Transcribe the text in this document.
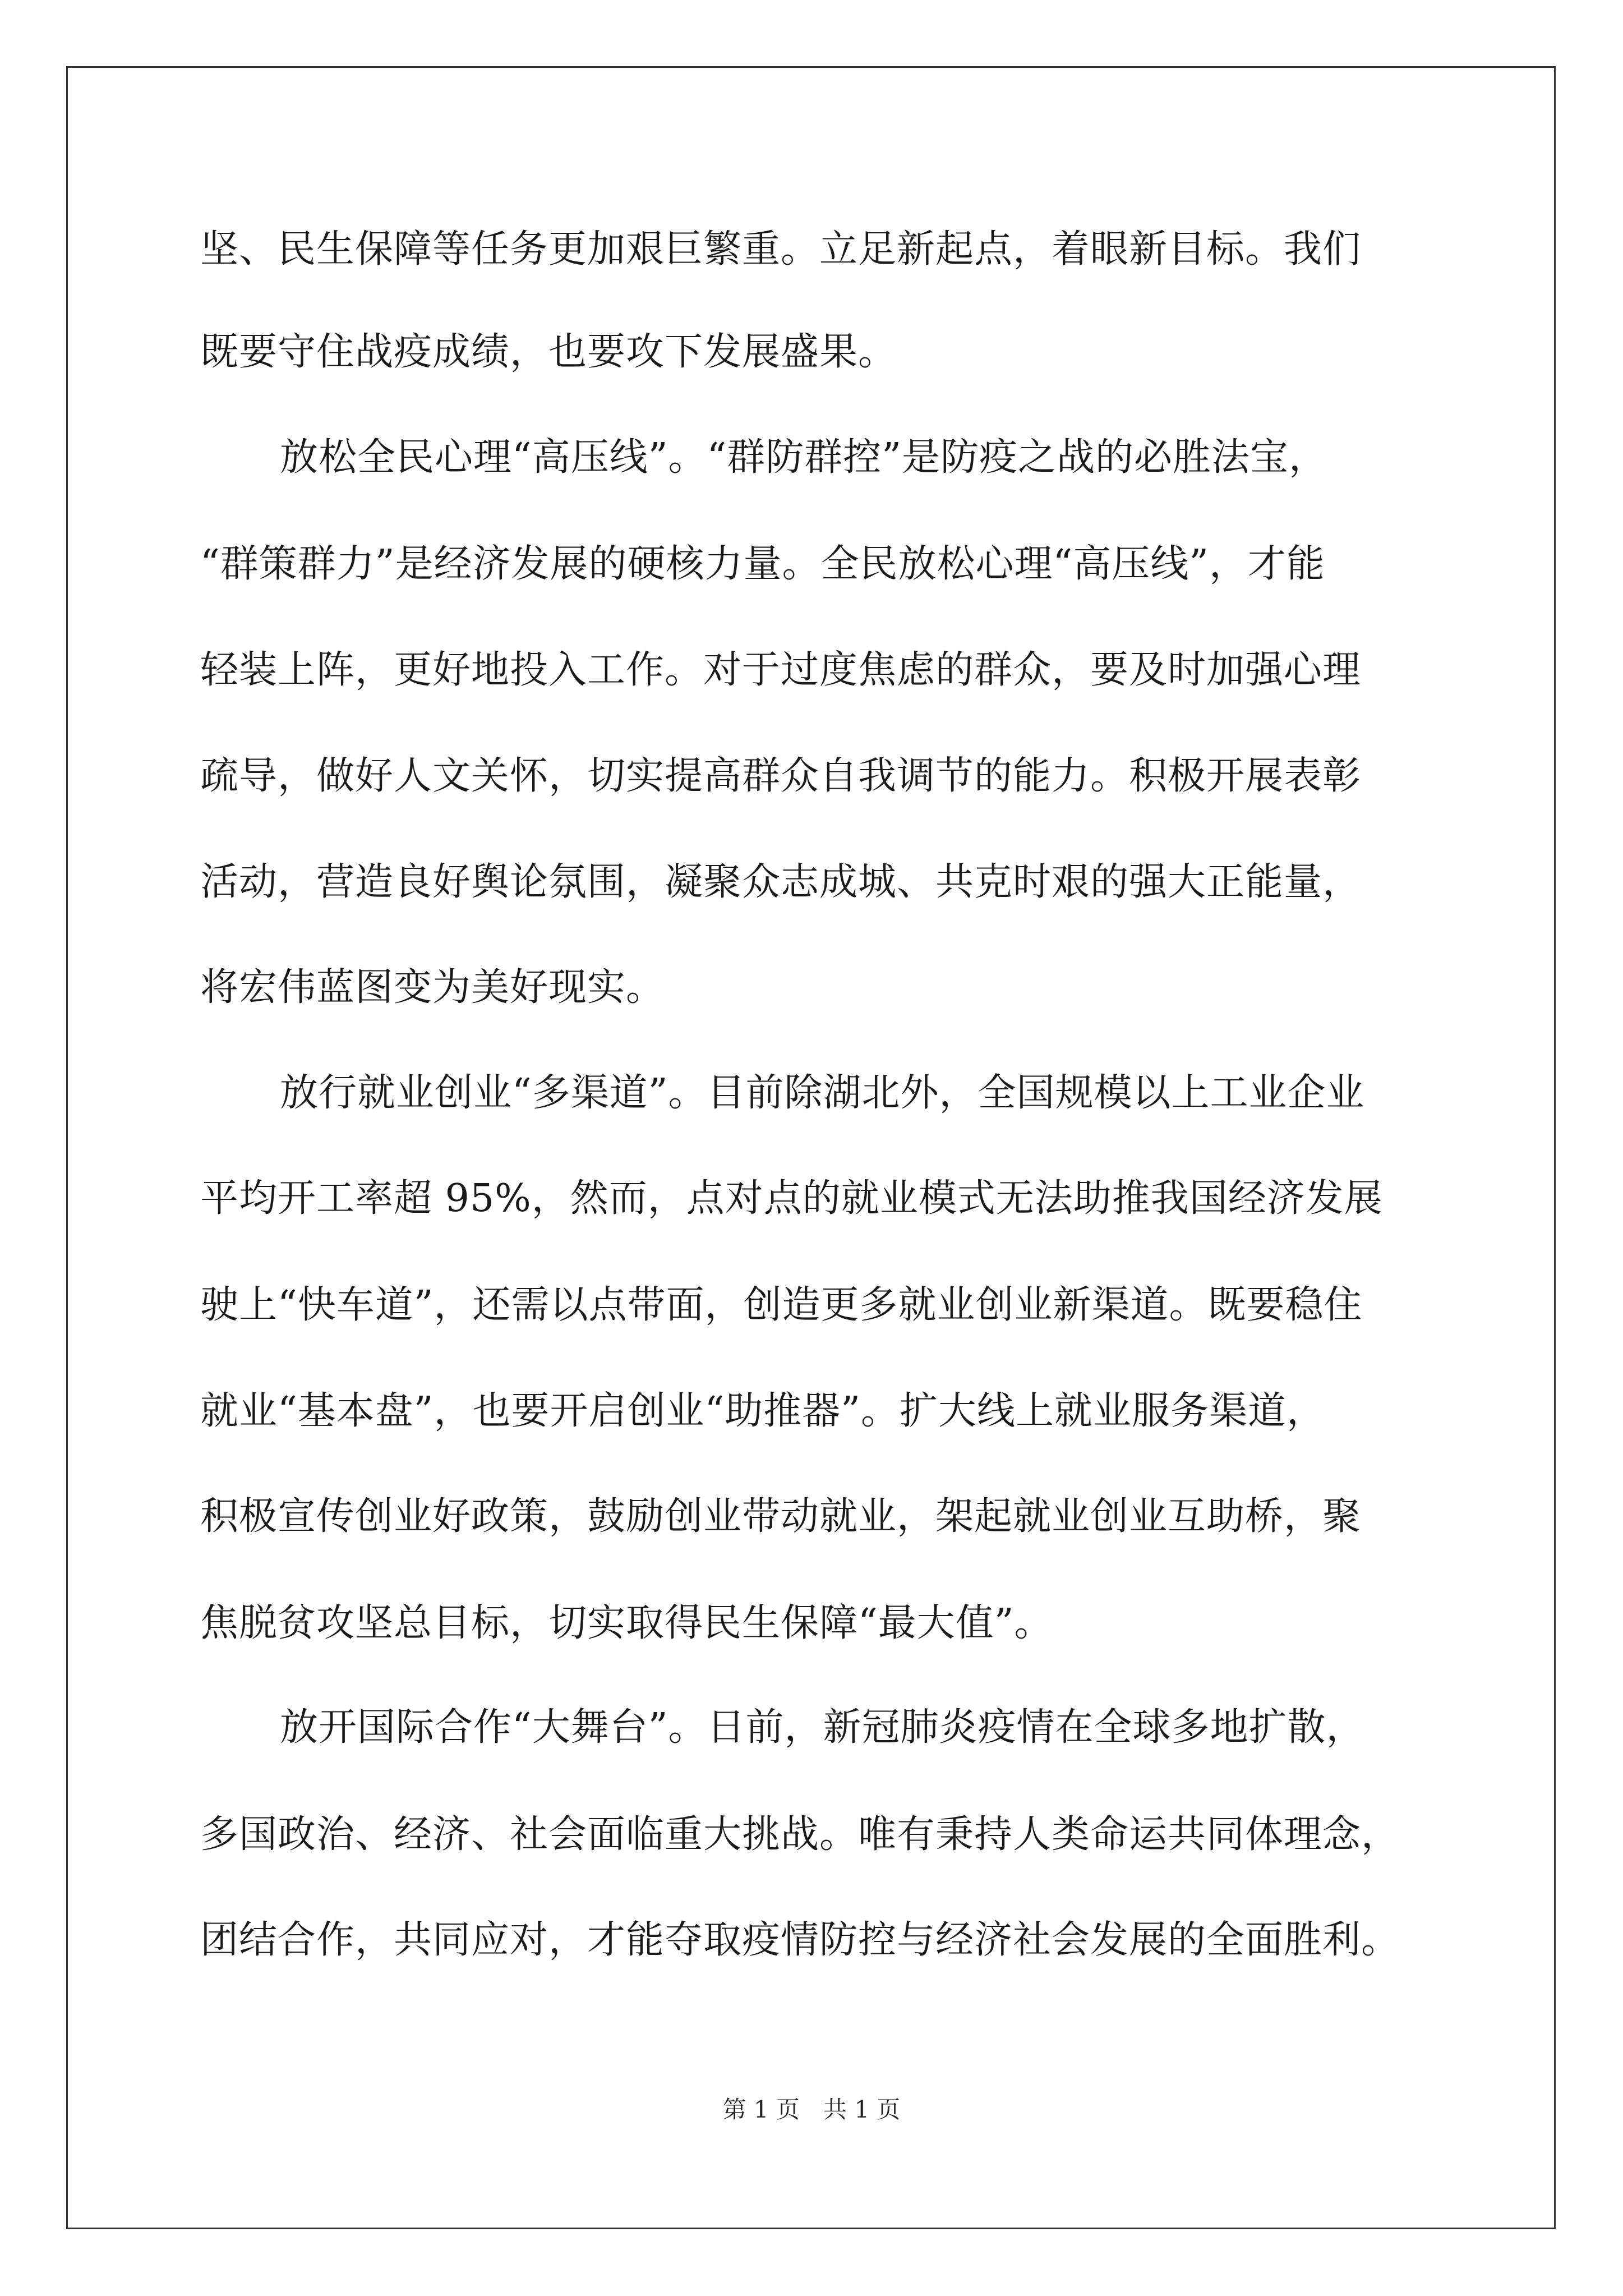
坚、民生保障等任务更加艰巨繁重。立足新起点，着眼新目标。我们
既要守住战疫成绩，也要攻下发展盛果。
放松全民心理“高压线”。“群防群控”是防疫之战的必胜法宝，
“群策群力”是经济发展的硬核力量。全民放松心理“高压线”，才能
轻装上阵，更好地投入工作。对于过度焦虑的群众，要及时加强心理
疏导，做好人文关怀，切实提高群众自我调节的能力。积极开展表彰
活动，营造良好舆论氛围，凝聚众志成城、共克时艰的强大正能量，
将宏伟蓝图变为美好现实。
放行就业创业“多渠道”。目前除湖北外，全国规模以上工业企业
平均开工率超 95%，然而，点对点的就业模式无法助推我国经济发展
驶上“快车道”，还需以点带面，创造更多就业创业新渠道。既要稳住
就业“基本盘”，也要开启创业“助推器”。扩大线上就业服务渠道，
积极宣传创业好政策，鼓励创业带动就业，架起就业创业互助桥，聚
焦脱贫攻坚总目标，切实取得民生保障“最大值”。
放开国际合作“大舞台”。日前，新冠肺炎疫情在全球多地扩散，
多国政治、经济、社会面临重大挑战。唯有秉持人类命运共同体理念，
团结合作，共同应对，才能夺取疫情防控与经济社会发展的全面胜利。
第 1 页　共 1 页
